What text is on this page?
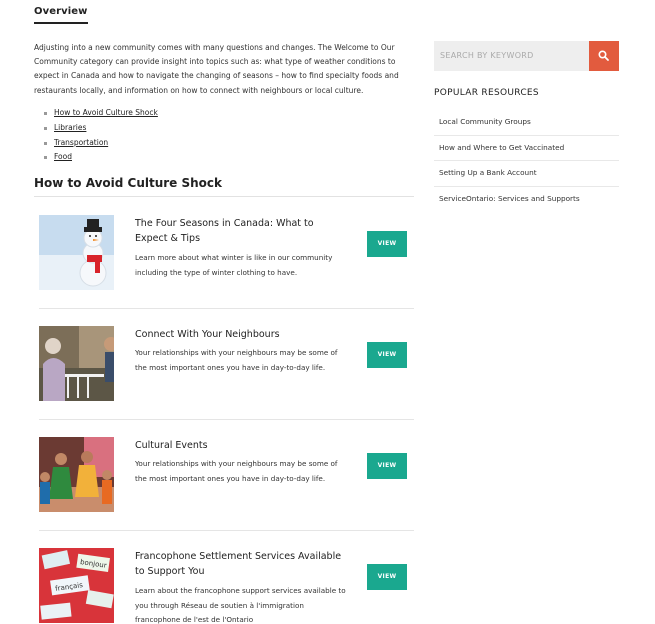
Overview

Adjusting into a new community comes with many questions and changes. The Welcome to Our Community category can provide insight into topics such as: what type of weather conditions to expect in Canada and how to navigate the changing of seasons – how to find specialty foods and restaurants locally, and information on how to connect with neighbours or local culture.

How to Avoid Culture Shock
Libraries
Transportation
Food
How to Avoid Culture Shock
The Four Seasons in Canada: What to Expect & Tips
Learn more about what winter is like in our community including the type of winter clothing to have.
VIEW
Connect With Your Neighbours
Your relationships with your neighbours may be some of the most important ones you have in day-to-day life.
VIEW
Cultural Events
Your relationships with your neighbours may be some of the most important ones you have in day-to-day life.
VIEW
bonjour
français
Francophone Settlement Services Available to Support You
Learn about the francophone support services available to you through Réseau de soutien à l'immigration francophone de l'est de l'Ontario
VIEW
SEARCH BY KEYWORD
POPULAR RESOURCES
Local Community Groups
How and Where to Get Vaccinated
Setting Up a Bank Account
ServiceOntario: Services and Supports
